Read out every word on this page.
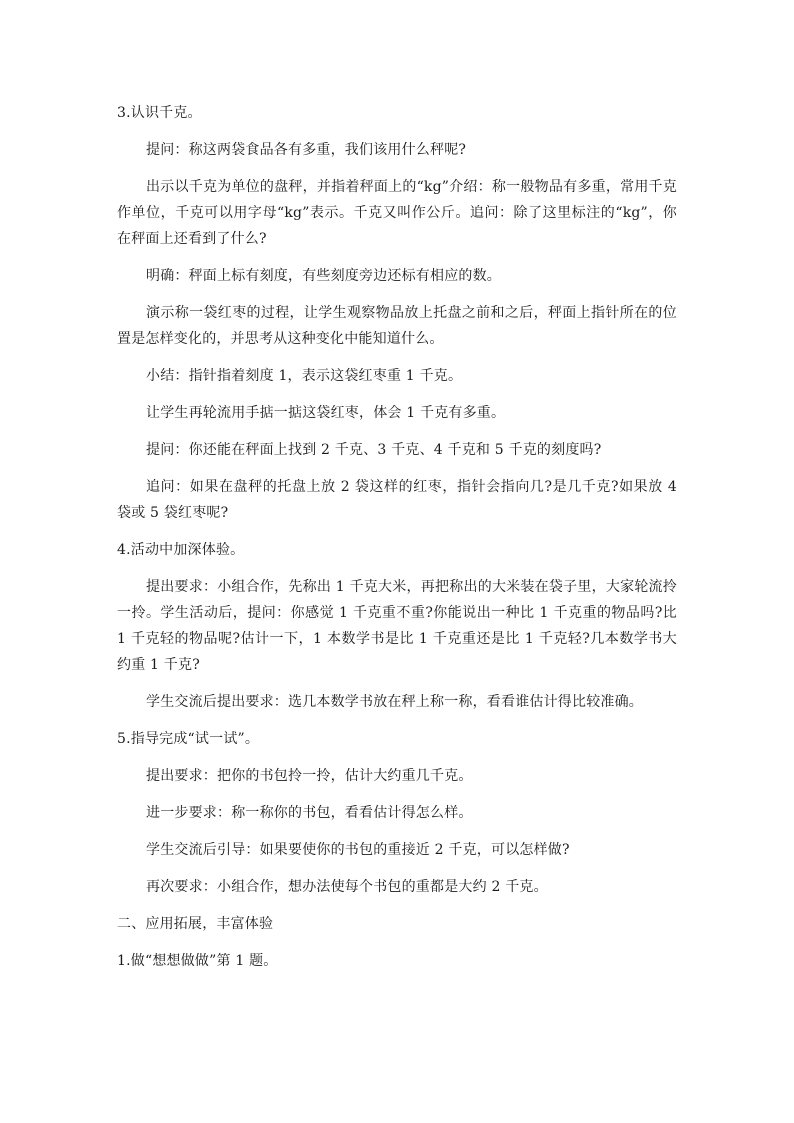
3.认识千克。

提问：称这两袋食品各有多重，我们该用什么秤呢?

出示以千克为单位的盘秤，并指着秤面上的“kg”介绍：称一般物品有多重，常用千克作单位，千克可以用字母“kg”表示。千克又叫作公斤。追问：除了这里标注的“kg”，你在秤面上还看到了什么?

明确：秤面上标有刻度，有些刻度旁边还标有相应的数。

演示称一袋红枣的过程，让学生观察物品放上托盘之前和之后，秤面上指针所在的位置是怎样变化的，并思考从这种变化中能知道什么。

小结：指针指着刻度 1，表示这袋红枣重 1 千克。

让学生再轮流用手掂一掂这袋红枣，体会 1 千克有多重。

提问：你还能在秤面上找到 2 千克、3 千克、4 千克和 5 千克的刻度吗?

追问：如果在盘秤的托盘上放 2 袋这样的红枣，指针会指向几?是几千克?如果放 4 袋或 5 袋红枣呢?

4.活动中加深体验。

提出要求：小组合作，先称出 1 千克大米，再把称出的大米装在袋子里，大家轮流拎一拎。学生活动后，提问：你感觉 1 千克重不重?你能说出一种比 1 千克重的物品吗?比 1 千克轻的物品呢?估计一下，1 本数学书是比 1 千克重还是比 1 千克轻?几本数学书大约重 1 千克?

学生交流后提出要求：选几本数学书放在秤上称一称，看看谁估计得比较准确。

5.指导完成“试一试”。

提出要求：把你的书包拎一拎，估计大约重几千克。

进一步要求：称一称你的书包，看看估计得怎么样。

学生交流后引导：如果要使你的书包的重接近 2 千克，可以怎样做?

再次要求：小组合作，想办法使每个书包的重都是大约 2 千克。

二、应用拓展，丰富体验

1.做“想想做做”第 1 题。
